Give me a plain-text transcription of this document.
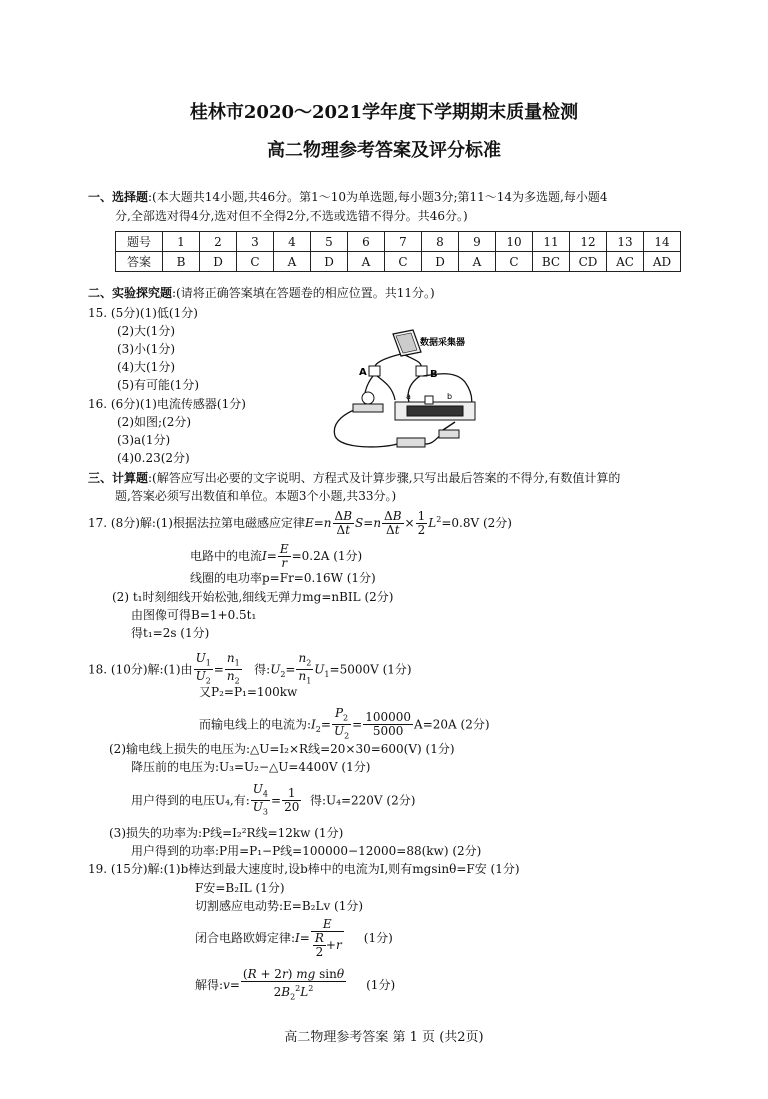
桂林市2020～2021学年度下学期期末质量检测
高二物理参考答案及评分标准
一、选择题:(本大题共14小题,共46分。第1～10为单选题,每小题3分;第11～14为多选题,每小题4
分,全部选对得4分,选对但不全得2分,不选或选错不得分。共46分。)
题号	1	2	3	4	5	6	7	8	9	10	11	12	13	14
答案	B	D	C	A	D	A	C	D	A	C	BC	CD	AC	AD
二、实验探究题:(请将正确答案填在答题卷的相应位置。共11分。)
15. (5分)(1)低(1分)
(2)大(1分)
(3)小(1分)
(4)大(1分)
(5)有可能(1分)
16. (6分)(1)电流传感器(1分)
(2)如图;(2分)
(3)a(1分)
(4)0.23(2分)
数据采集器
A	B
a	b
三、计算题:(解答应写出必要的文字说明、方程式及计算步骤,只写出最后答案的不得分,有数值计算的
题,答案必须写出数值和单位。本题3个小题,共33分。)
17. (8分)解:(1)根据法拉第电磁感应定律$E=n \frac{\Delta B}{\Delta t} S=n \frac{\Delta B}{\Delta t} \times \frac{1}{2} L^2=0.8V$ (2分)
电路中的电流$I= \frac{E}{r} =0.2A$ (1分)
线圈的电功率p=Fr=0.16W (1分)
(2) t₁时刻细线开始松弛,细线无弹力mg=nBIL (2分)
由图像可得B=1+0.5t₁
得t₁=2s (1分)
18. (10分)解:(1)由 $\frac{U_1}{U_2} = \frac{n_1}{n_2}$ 得$:U_2= \frac{n_2}{n_1} U_1=5000V$ (1分)
又P₂=P₁=100kw
而输电线上的电流为$:I_2= \frac{P_2}{U_2} = \frac{100000}{5000} A=20A$ (2分)
(2)输电线上损失的电压为:△U=I₂×R线=20×30=600(V) (1分)
降压前的电压为:U₃=U₂−△U=4400V (1分)
用户得到的电压U₄,有: $\frac{U_4}{U_3} = \frac{1}{20}$ 得:U₄=220V (2分)
(3)损失的功率为:P线=I₂²R线=12kw (1分)
用户得到的功率:P用=P₁−P线=100000−12000=88(kw) (2分)
19. (15分)解:(1)b棒达到最大速度时,设b棒中的电流为I,则有mgsinθ=F安 (1分)
F安=B₂IL (1分)
切割感应电动势:E=B₂Lv (1分)
闭合电路欧姆定律:I= $\frac{E}{\frac{R}{2} +r} (1$分)
解得:v= $\frac{\text{(R + 2r) mg sinθ}}{2B_2^2L^2} (1$分)
高二物理参考答案 第 1 页 (共2页)
